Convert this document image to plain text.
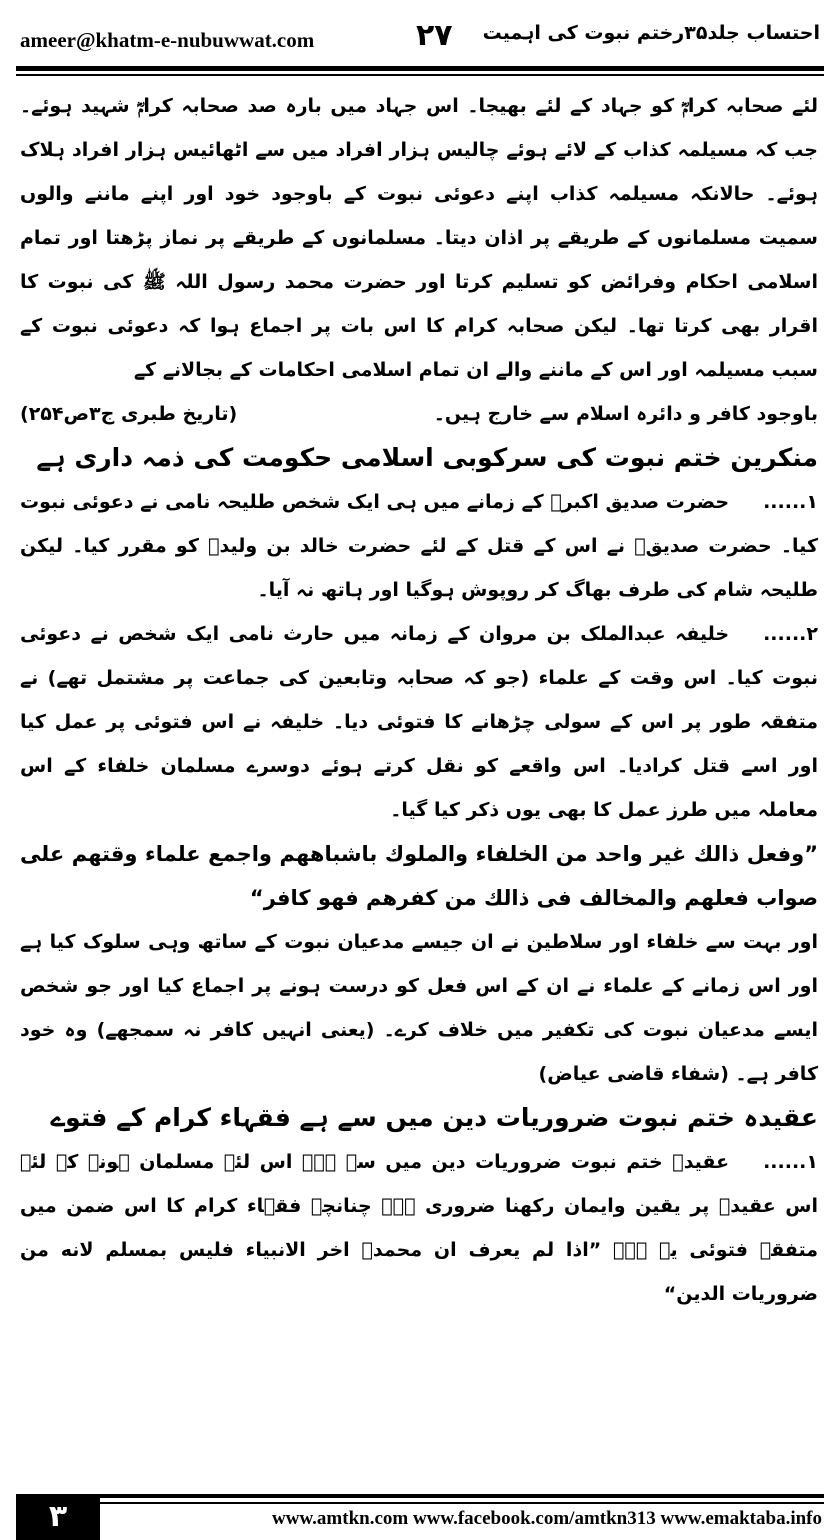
ameer@khatm-e-nubuwwat.com	۲۷ احتساب جلد۳۵رختم نبوت کی اہمیت

لئے صحابہ کرامؓ کو جہاد کے لئے بھیجا۔ اس جہاد میں بارہ صد صحابہ کرامؓ شہید ہوئے۔ جب کہ مسیلمہ کذاب کے لائے ہوئے چالیس ہزار افراد میں سے اٹھائیس ہزار افراد ہلاک ہوئے۔ حالانکہ مسیلمہ کذاب اپنے دعوئی نبوت کے باوجود خود اور اپنے ماننے والوں سمیت مسلمانوں کے طریقے پر اذان دیتا۔ مسلمانوں کے طریقے پر نماز پڑھتا اور تمام اسلامی احکام وفرائض کو تسلیم کرتا اور حضرت محمد رسول اللہ ﷺ کی نبوت کا اقرار بھی کرتا تھا۔ لیکن صحابہ کرام کا اس بات پر اجماع ہوا کہ دعوئی نبوت کے سبب مسیلمہ اور اس کے ماننے والے ان تمام اسلامی احکامات کے بجالانے کے

باوجود کافر و دائرہ اسلام سے خارج ہیں۔
(تاریخ طبری ج۳ص۲۵۴)

منکرین ختم نبوت کی سرکوبی اسلامی حکومت کی ذمہ داری ہے

۱......حضرت صدیق اکبرؓ کے زمانے میں ہی ایک شخص طلیحہ نامی نے دعوئی نبوت کیا۔ حضرت صدیقؓ نے اس کے قتل کے لئے حضرت خالد بن ولیدؓ کو مقرر کیا۔ لیکن طلیحہ شام کی طرف بھاگ کر روپوش ہوگیا اور ہاتھ نہ آیا۔

۲......خلیفہ عبدالملک بن مروان کے زمانہ میں حارث نامی ایک شخص نے دعوئی نبوت کیا۔ اس وقت کے علماء (جو کہ صحابہ وتابعین کی جماعت پر مشتمل تھے) نے متفقہ طور پر اس کے سولی چڑھانے کا فتوئی دیا۔ خلیفہ نے اس فتوئی پر عمل کیا اور اسے قتل کرادیا۔ اس واقعے کو نقل کرتے ہوئے دوسرے مسلمان خلفاء کے اس معاملہ میں طرز عمل کا بھی یوں ذکر کیا گیا۔

”وفعل ذالك غير واحد من الخلفاء والملوك باشباههم واجمع علماء وقتهم على صواب فعلهم والمخالف فى ذالك من كفرهم فهو كافر“

اور بہت سے خلفاء اور سلاطین نے ان جیسے مدعیان نبوت کے ساتھ وہی سلوک کیا ہے اور اس زمانے کے علماء نے ان کے اس فعل کو درست ہونے پر اجماع کیا اور جو شخص ایسے مدعیان نبوت کی تکفیر میں خلاف کرے۔ (یعنی انہیں کافر نہ سمجھے) وہ خود کافر ہے۔ (شفاء قاضی عیاض)

عقیدہ ختم نبوت ضروریات دین میں سے ہے فقہاء کرام کے فتوے

۱......عقیدہ ختم نبوت ضروریات دین میں سے ہے۔ اس لئے مسلمان ہونے کے لئے اس عقیدہ پر یقین وایمان رکھنا ضروری ہے۔ چنانچہ فقہاء کرام کا اس ضمن میں متفقہ فتوئی یہ ہے۔ ”اذا لم يعرف ان محمدؐ اخر الانبياء فليس بمسلم لانه من ضروريات الدين“

۳	www.amtkn.com www.facebook.com/amtkn313 www.emaktaba.info
